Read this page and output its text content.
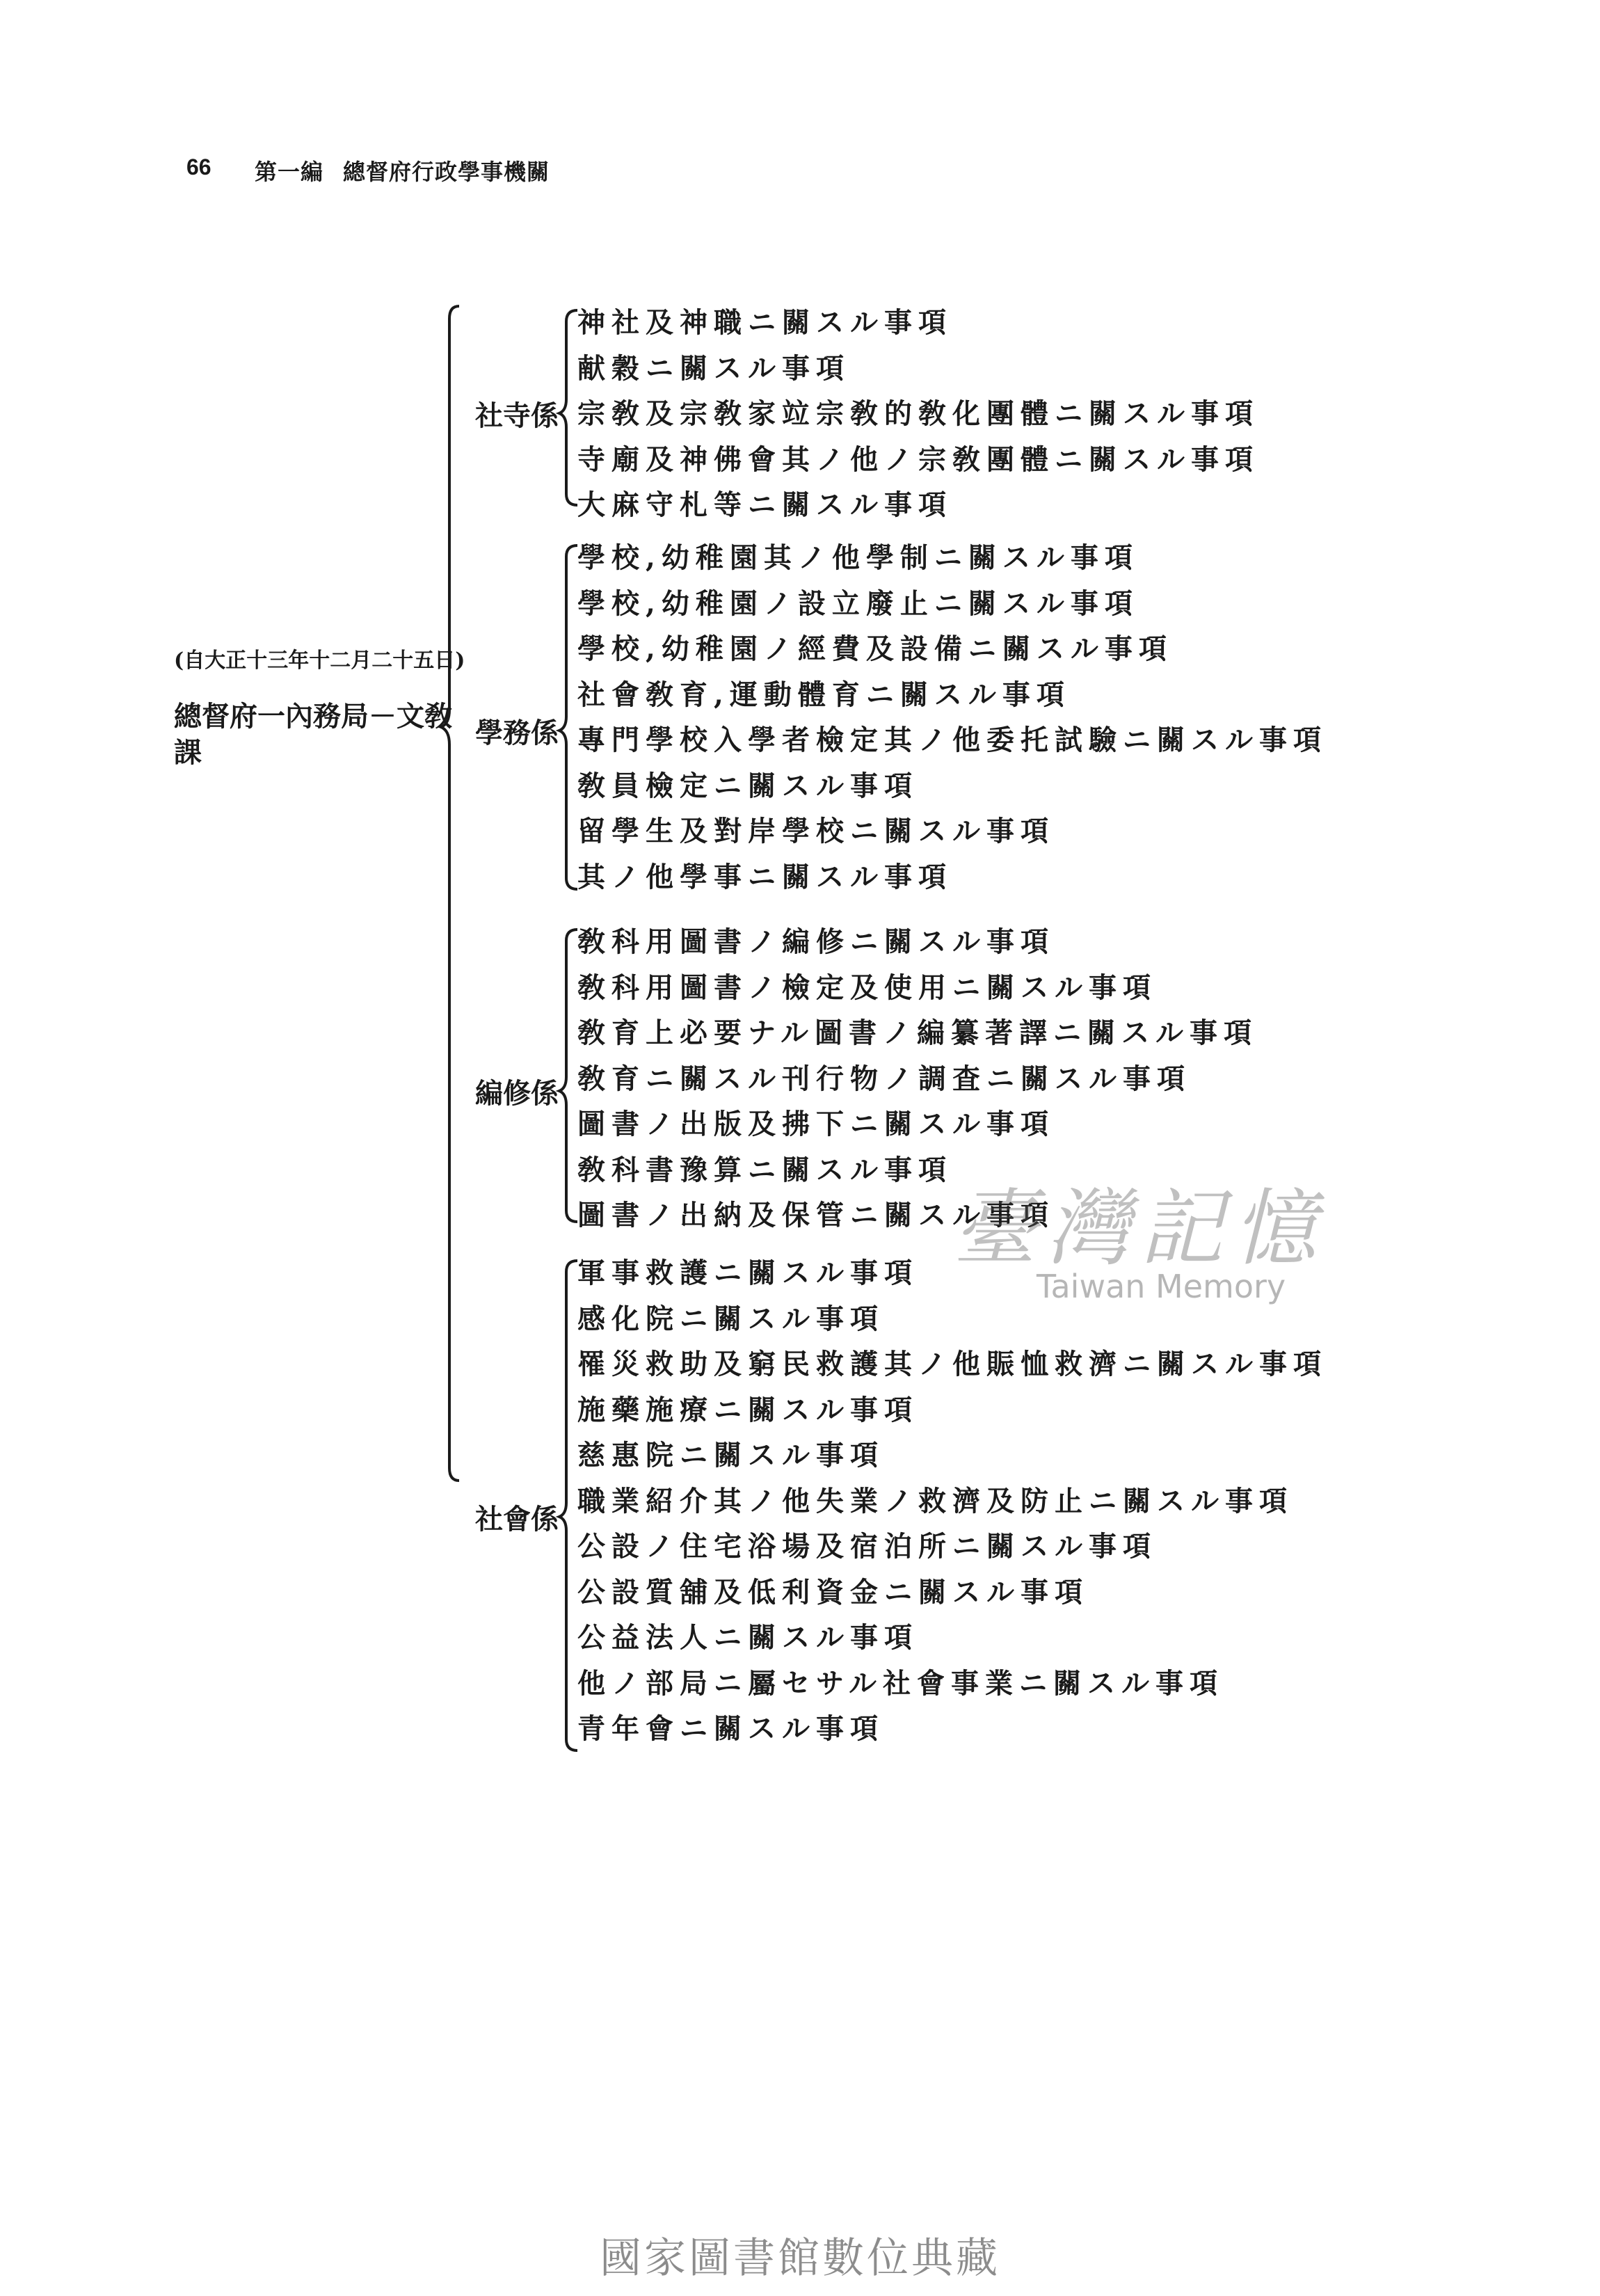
66 第一編 總督府行政學事機關
(自大正十三年十二月二十五日)
總督府一內務局－文敎課
社寺係
神社及神職ニ關スル事項
献穀ニ關スル事項
宗敎及宗敎家竝宗敎的敎化團體ニ關スル事項
寺廟及神佛會其ノ他ノ宗敎團體ニ關スル事項
大麻守札等ニ關スル事項
學務係
學校,幼稚園其ノ他學制ニ關スル事項
學校,幼稚園ノ設立廢止ニ關スル事項
學校,幼稚園ノ經費及設備ニ關スル事項
社會敎育,運動體育ニ關スル事項
專門學校入學者檢定其ノ他委托試驗ニ關スル事項
敎員檢定ニ關スル事項
留學生及對岸學校ニ關スル事項
其ノ他學事ニ關スル事項
編修係
敎科用圖書ノ編修ニ關スル事項
敎科用圖書ノ檢定及使用ニ關スル事項
敎育上必要ナル圖書ノ編纂著譯ニ關スル事項
敎育ニ關スル刊行物ノ調査ニ關スル事項
圖書ノ出版及拂下ニ關スル事項
敎科書豫算ニ關スル事項
圖書ノ出納及保管ニ關スル事項
社會係
軍事救護ニ關スル事項
感化院ニ關スル事項
罹災救助及窮民救護其ノ他賑恤救濟ニ關スル事項
施藥施療ニ關スル事項
慈惠院ニ關スル事項
職業紹介其ノ他失業ノ救濟及防止ニ關スル事項
公設ノ住宅浴場及宿泊所ニ關スル事項
公設質舖及低利資金ニ關スル事項
公益法人ニ關スル事項
他ノ部局ニ屬セサル社會事業ニ關スル事項
青年會ニ關スル事項
臺灣記憶
Taiwan Memory
國家圖書館數位典藏
